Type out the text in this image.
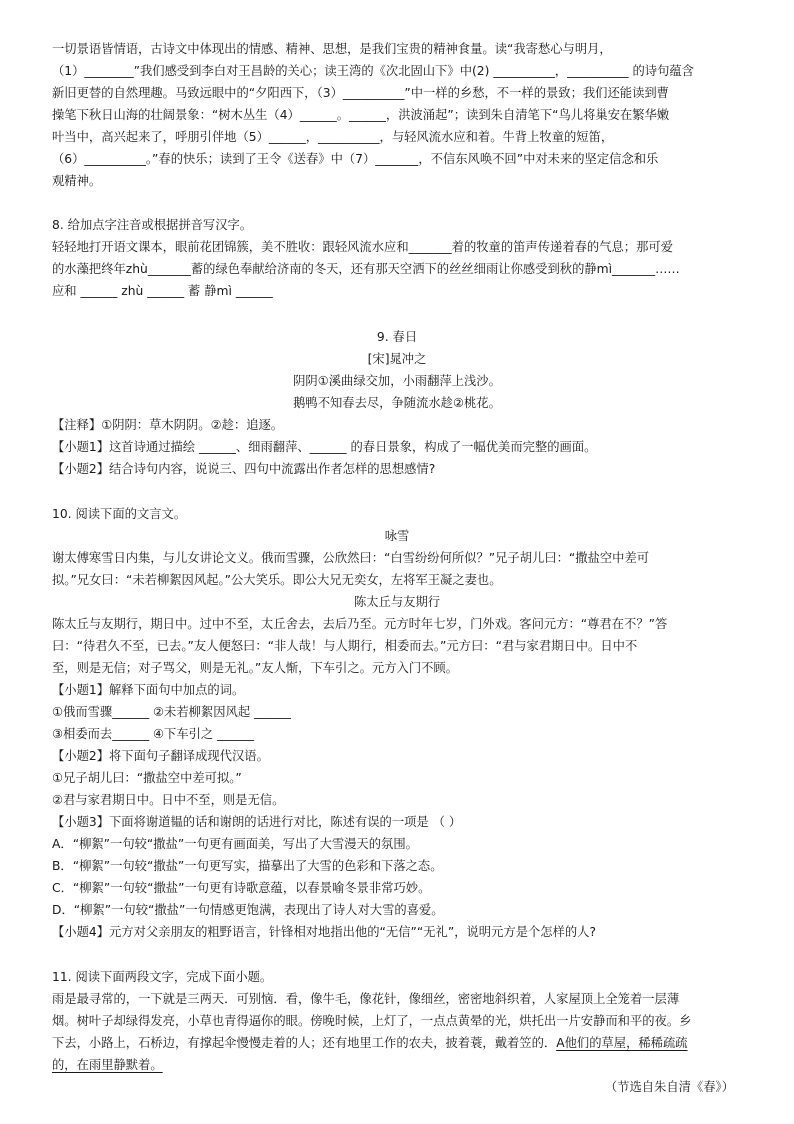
一切景语皆情语，古诗文中体现出的情感、精神、思想，是我们宝贵的精神食量。读“我寄愁心与明月，
（1）________”我们感受到李白对王昌龄的关心；读王湾的《次北固山下》中(2) __________，__________ 的诗句蕴含
新旧更替的自然理趣。马致远眼中的“夕阳西下，（3）__________”中一样的乡愁，不一样的景致；我们还能读到曹
操笔下秋日山海的壮阔景象：“树木丛生（4）______。______，洪波涌起”；读到朱自清笔下“鸟儿将巢安在繁华嫩
叶当中，高兴起来了，呼朋引伴地（5）______，__________，与轻风流水应和着。牛背上牧童的短笛，
（6）__________。”春的快乐；读到了王令《送春》中（7）_______，不信东风唤不回”中对未来的坚定信念和乐
观精神。
8. 给加点字注音或根据拼音写汉字。
轻轻地打开语文课本，眼前花团锦簇，美不胜收：跟轻风流水应和_______着的牧童的笛声传递着春的气息；那可爱
的水藻把终年zhù_______蓄的绿色奉献给济南的冬天，还有那天空洒下的丝丝细雨让你感受到秋的静mì_______……
应和 ______ zhù ______ 蓄 静mì ______
9. 春日
[宋]晁冲之
阴阴①溪曲绿交加，小雨翻萍上浅沙。
鹅鸭不知春去尽，争随流水趁②桃花。
【注释】①阴阴：草木阴阴。②趁：追逐。
【小题1】这首诗通过描绘 ______、细雨翻萍、______ 的春日景象，构成了一幅优美而完整的画面。
【小题2】结合诗句内容，说说三、四句中流露出作者怎样的思想感情?
10. 阅读下面的文言文。
咏雪
谢太傅寒雪日内集，与儿女讲论文义。俄而雪骤，公欣然曰：“白雪纷纷何所似？”兄子胡儿曰：“撒盐空中差可
拟。”兄女曰：“未若柳絮因风起。”公大笑乐。即公大兄无奕女，左将军王凝之妻也。
陈太丘与友期行
陈太丘与友期行，期日中。过中不至，太丘舍去，去后乃至。元方时年七岁，门外戏。客问元方：“尊君在不？”答
曰：“待君久不至，已去。”友人便怒曰：“非人哉！与人期行，相委而去。”元方曰：“君与家君期日中。日中不
至，则是无信；对子骂父，则是无礼。”友人惭，下车引之。元方入门不顾。
【小题1】解释下面句中加点的词。
①俄而雪骤______ ②未若柳絮因风起 ______
③相委而去______ ④下车引之 ______
【小题2】将下面句子翻译成现代汉语。
①兄子胡儿曰：“撒盐空中差可拟。”
②君与家君期日中。日中不至，则是无信。
【小题3】下面将谢道韫的话和谢朗的话进行对比，陈述有误的一项是 （ ）
A．“柳絮”一句较“撒盐”一句更有画面美，写出了大雪漫天的氛围。
B．“柳絮”一句较“撒盐”一句更写实，描摹出了大雪的色彩和下落之态。
C．“柳絮”一句较“撒盐”一句更有诗歌意蕴，以春景喻冬景非常巧妙。
D．“柳絮”一句较“撒盐”一句情感更饱满，表现出了诗人对大雪的喜爱。
【小题4】元方对父亲朋友的粗野语言，针锋相对地指出他的“无信”“无礼”，说明元方是个怎样的人?
11. 阅读下面两段文字，完成下面小题。
雨是最寻常的，一下就是三两天．可别恼．看，像牛毛，像花针，像细丝，密密地斜织着，人家屋顶上全笼着一层薄
烟。树叶子却绿得发亮，小草也青得逼你的眼。傍晚时候，上灯了，一点点黄晕的光，烘托出一片安静而和平的夜。乡
下去，小路上，石桥边，有撑起伞慢慢走着的人；还有地里工作的农夫，披着蓑，戴着笠的．A他们的草屋，稀稀疏疏
的，在雨里静默着。
（节选自朱自清《春》）
